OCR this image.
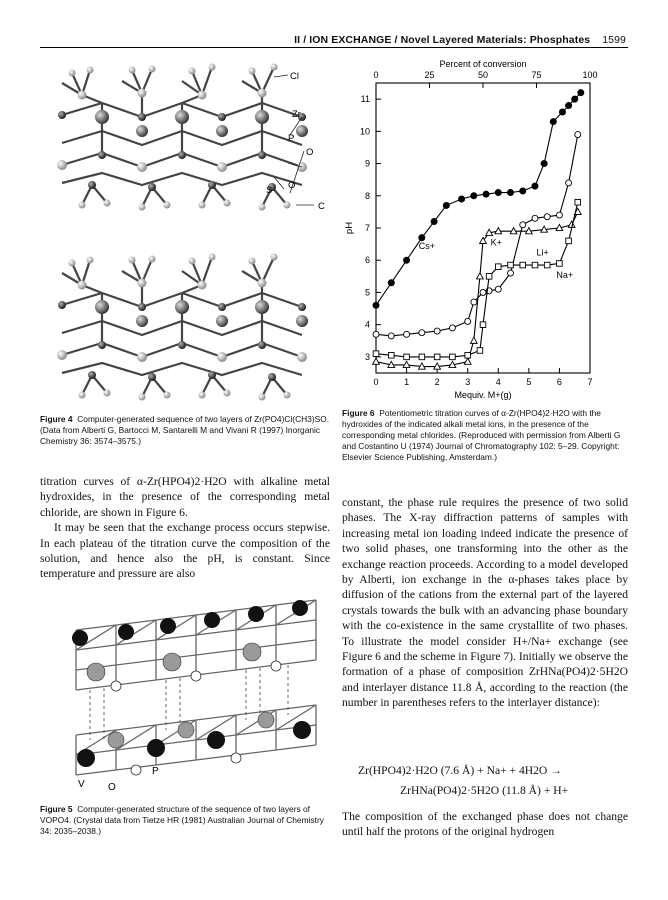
II / ION EXCHANGE / Novel Layered Materials: Phosphates 1599
Cl
Zr
P
O
S O
C
Figure 4 Computer-generated sequence of two layers of Zr(PO4)Cl(CH3)SO. (Data from Alberti G, Bartocci M, Santarelli M and Vivani R (1997) Inorganic Chemistry 36: 3574–3575.)

titration curves of α-Zr(HPO4)2·H2O with alkaline metal hydroxides, in the presence of the corresponding metal chloride, are shown in Figure 6.

It may be seen that the exchange process occurs stepwise. In each plateau of the titration curve the composition of the solution, and hence also the pH, is constant. Since temperature and pressure are also

V O
P
Figure 5 Computer-generated structure of the sequence of two layers of VOPO4. (Crystal data from Tietze HR (1981) Australian Journal of Chemistry 34: 2035–2038.)
Percent of conversion
0	25	50	75	100
0	1	2	3	4	5	6	7
3
4
5
6
7
8
9
10
11
Mequiv. M+(g)
pH
Cs+	K+
Li+
Na+
Figure 6 Potentiometric titration curves of α-Zr(HPO4)2·H2O with the hydroxides of the indicated alkali metal ions, in the presence of the corresponding metal chlorides. (Reproduced with permission from Alberti G and Costantino U (1974) Journal of Chromatography 102: 5–29. Copyright: Elsevier Science Publishing, Amsterdam.)

constant, the phase rule requires the presence of two solid phases. The X-ray diffraction patterns of samples with increasing metal ion loading indeed indicate the presence of two solid phases, one transforming into the other as the exchange reaction proceeds. According to a model developed by Alberti, ion exchange in the α-phases takes place by diffusion of the cations from the external part of the layered crystals towards the bulk with an advancing phase boundary with the co-existence in the same crystallite of two phases. To illustrate the model consider H+/Na+ exchange (see Figure 6 and the scheme in Figure 7). Initially we observe the formation of a phase of composition ZrHNa(PO4)2·5H2O and interlayer distance 11.8 Å, according to the reaction (the number in parentheses refers to the interlayer distance):

Zr(HPO4)2·H2O (7.6 Å) + Na+ + 4H2O →
ZrHNa(PO4)2·5H2O (11.8 Å) + H+

The composition of the exchanged phase does not change until half the protons of the original hydrogen
